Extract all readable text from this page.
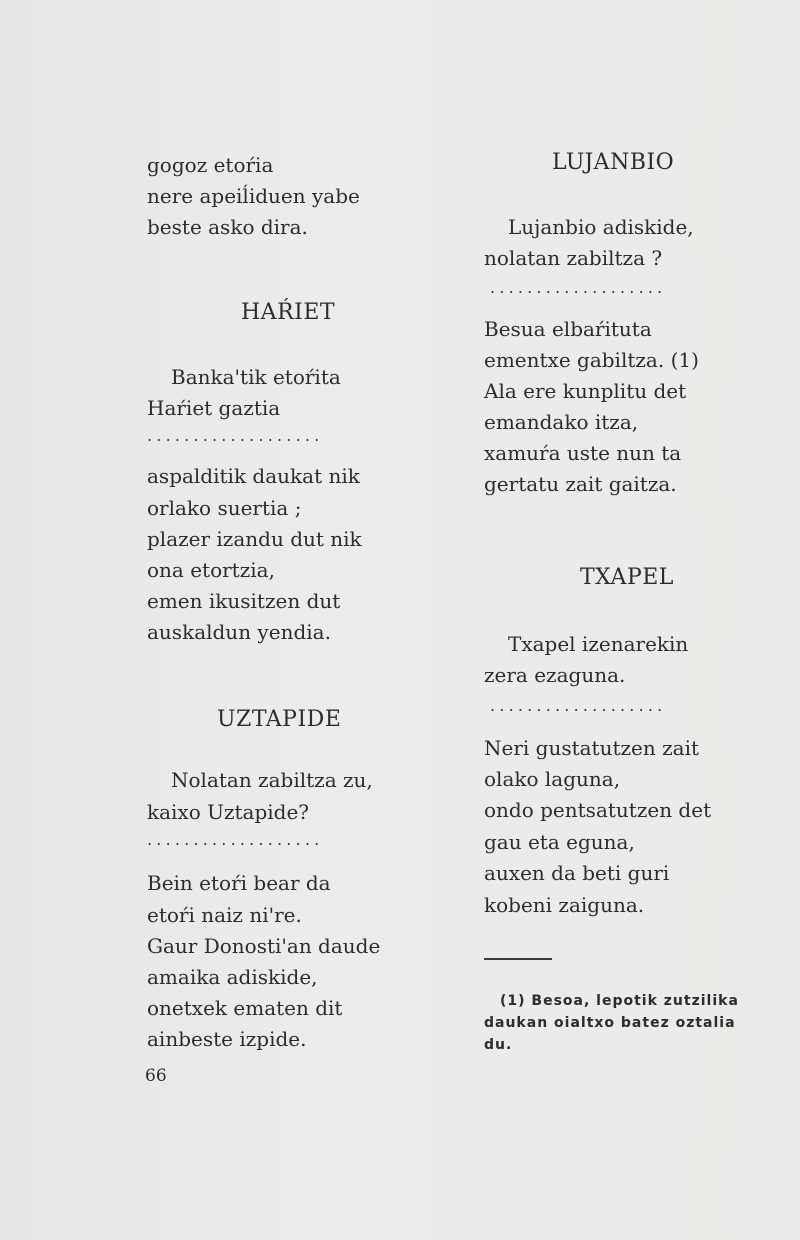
gogoz etoŕia
nere apeiĺiduen yabe
beste asko dira.
HAŔIET
Banka'tik etoŕita
Haŕiet gaztia
...................
aspalditik daukat nik
orlako suertia ;
plazer izandu dut nik
ona etortzia,
emen ikusitzen dut
auskaldun yendia.
UZTAPIDE
Nolatan zabiltza zu,
kaixo Uztapide?
...................
Bein etoŕi bear da
etoŕi naiz ni're.
Gaur Donosti'an daude
amaika adiskide,
onetxek ematen dit
ainbeste izpide.
66
LUJANBIO
Lujanbio adiskide,
nolatan zabiltza ?
...................
Besua elbaŕituta
ementxe gabiltza. (1)
Ala ere kunplitu det
emandako itza,
xamuŕa uste nun ta
gertatu zait gaitza.
TXAPEL
Txapel izenarekin
zera ezaguna.
...................
Neri gustatutzen zait
olako laguna,
ondo pentsatutzen det
gau eta eguna,
auxen da beti guri
kobeni zaiguna.
(1) Besoa, lepotik zutzilika
daukan oialtxo batez oztalia
du.
